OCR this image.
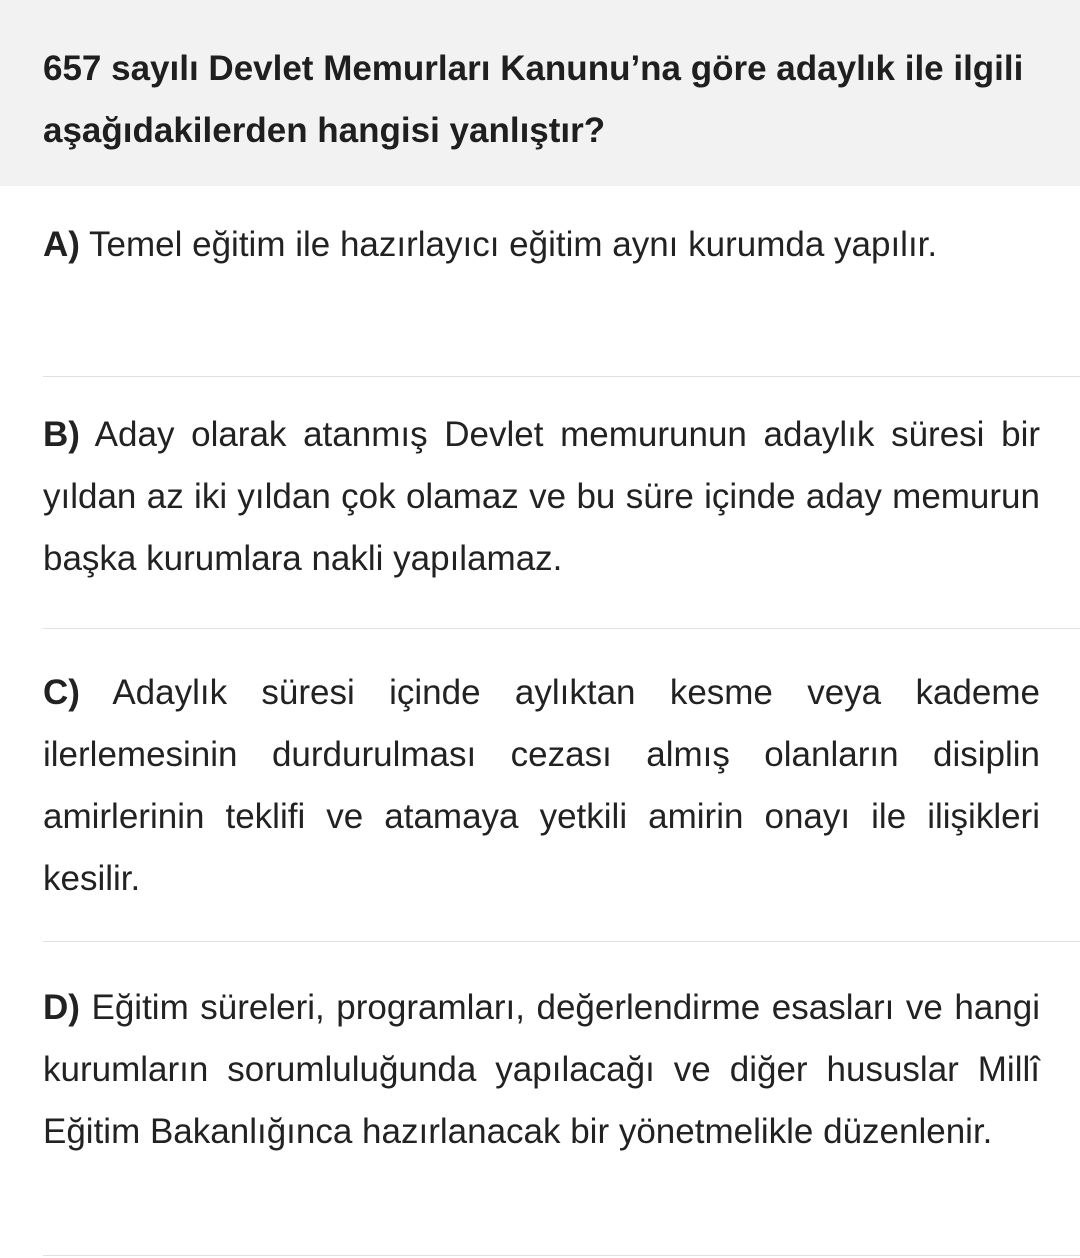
657 sayılı Devlet Memurları Kanunu’na göre adaylık ile ilgili aşağıdakilerden hangisi yanlıştır?

A) Temel eğitim ile hazırlayıcı eğitim aynı kurumda yapılır.

B) Aday olarak atanmış Devlet memurunun adaylık süresi bir yıldan az iki yıldan çok olamaz ve bu süre içinde aday memurun başka kurumlara nakli yapılamaz.

C) Adaylık süresi içinde aylıktan kesme veya kademe ilerlemesinin durdurulması cezası almış olanların disiplin amirlerinin teklifi ve atamaya yetkili amirin onayı ile ilişikleri kesilir.

D) Eğitim süreleri, programları, değerlendirme esasları ve hangi kurumların sorumluluğunda yapılacağı ve diğer hususlar Millî Eğitim Bakanlığınca hazırlanacak bir yönetmelikle düzenlenir.
